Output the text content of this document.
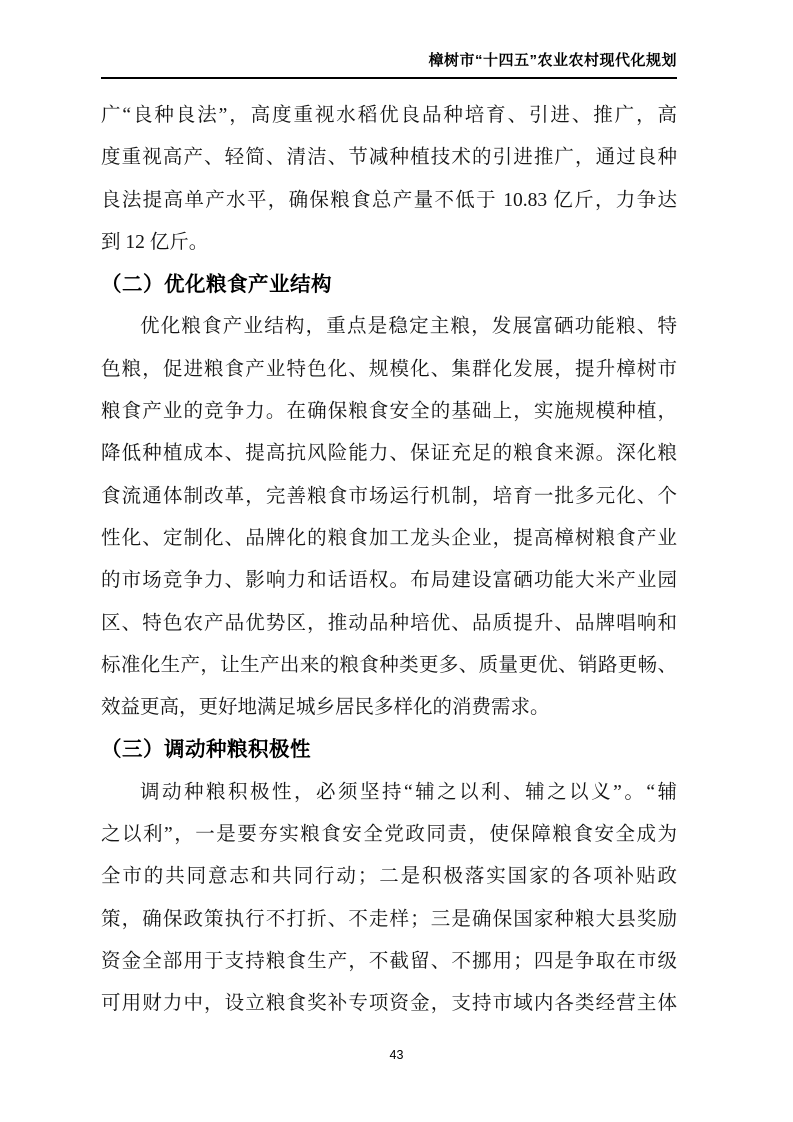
樟树市“十四五”农业农村现代化规划
广“良种良法”，高度重视水稻优良品种培育、引进、推广，高
度重视高产、轻简、清洁、节减种植技术的引进推广，通过良种
良法提高单产水平，确保粮食总产量不低于 10.83 亿斤，力争达
到 12 亿斤。
（二）优化粮食产业结构
优化粮食产业结构，重点是稳定主粮，发展富硒功能粮、特
色粮，促进粮食产业特色化、规模化、集群化发展，提升樟树市
粮食产业的竞争力。在确保粮食安全的基础上，实施规模种植，
降低种植成本、提高抗风险能力、保证充足的粮食来源。深化粮
食流通体制改革，完善粮食市场运行机制，培育一批多元化、个
性化、定制化、品牌化的粮食加工龙头企业，提高樟树粮食产业
的市场竞争力、影响力和话语权。布局建设富硒功能大米产业园
区、特色农产品优势区，推动品种培优、品质提升、品牌唱响和
标准化生产，让生产出来的粮食种类更多、质量更优、销路更畅、
效益更高，更好地满足城乡居民多样化的消费需求。
（三）调动种粮积极性
调动种粮积极性，必须坚持“辅之以利、辅之以义”。“辅
之以利”，一是要夯实粮食安全党政同责，使保障粮食安全成为
全市的共同意志和共同行动；二是积极落实国家的各项补贴政
策，确保政策执行不打折、不走样；三是确保国家种粮大县奖励
资金全部用于支持粮食生产，不截留、不挪用；四是争取在市级
可用财力中，设立粮食奖补专项资金，支持市域内各类经营主体
43
